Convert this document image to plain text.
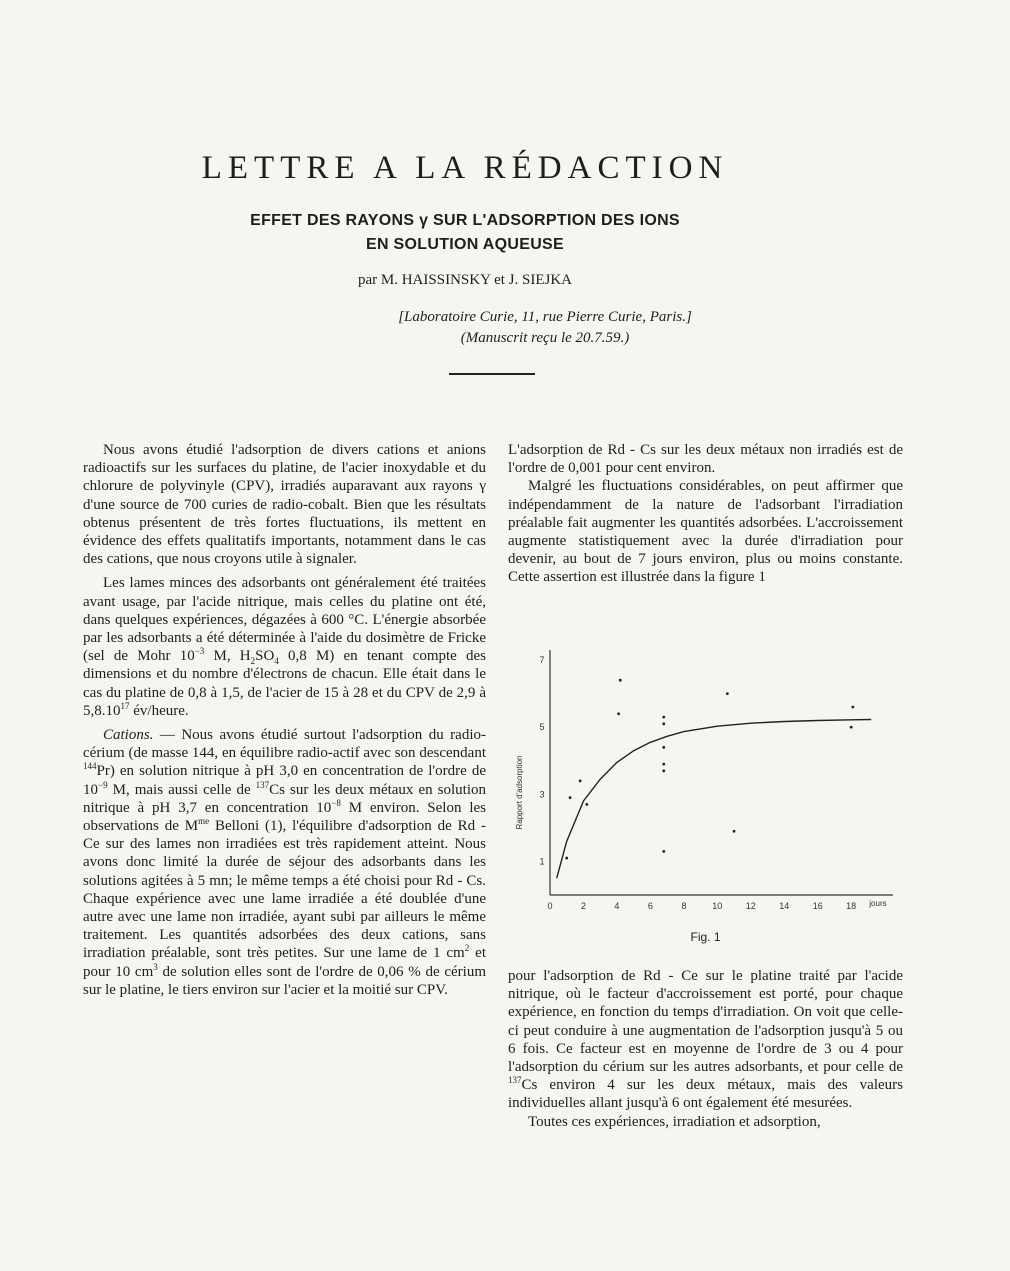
LETTRE A LA RÉDACTION
EFFET DES RAYONS γ SUR L'ADSORPTION DES IONS
EN SOLUTION AQUEUSE
par M. HAISSINSKY et J. SIEJKA
[Laboratoire Curie, 11, rue Pierre Curie, Paris.]
(Manuscrit reçu le 20.7.59.)

Nous avons étudié l'adsorption de divers cations et anions radioactifs sur les surfaces du platine, de l'acier inoxydable et du chlorure de polyvinyle (CPV), irradiés auparavant aux rayons γ d'une source de 700 curies de radio-cobalt. Bien que les résultats obtenus présentent de très fortes fluctuations, ils mettent en évidence des effets qualitatifs importants, notamment dans le cas des cations, que nous croyons utile à signaler.

Les lames minces des adsorbants ont généralement été traitées avant usage, par l'acide nitrique, mais celles du platine ont été, dans quelques expériences, dégazées à 600 °C. L'énergie absorbée par les adsorbants a été déterminée à l'aide du dosimètre de Fricke (sel de Mohr $10^{-3}$ M, $H_2SO_4$ 0,8 M) en tenant compte des dimensions et du nombre d'électrons de chacun. Elle était dans le cas du platine de 0,8 à 1,5, de l'acier de 15 à 28 et du CPV de 2,9 à 5,8.10$^{17}$ év/heure.

Cations. — Nous avons étudié surtout l'adsorption du radio-cérium (de masse 144, en équilibre radio-actif avec son descendant $^{144}$Pr) en solution nitrique à pH 3,0 en concentration de l'ordre de $10^{-9}$ M, mais aussi celle de $^{137}$Cs sur les deux métaux en solution nitrique à pH 3,7 en concentration $10^{-8}$ M environ. Selon les observations de $M^{me}$ Belloni (1), l'équilibre d'adsorption de Rd - Ce sur des lames non irradiées est très rapidement atteint. Nous avons donc limité la durée de séjour des adsorbants dans les solutions agitées à 5 mn; le même temps a été choisi pour Rd - Cs. Chaque expérience avec une lame irradiée a été doublée d'une autre avec une lame non irradiée, ayant subi par ailleurs le même traitement. Les quantités adsorbées des deux cations, sans irradiation préalable, sont très petites. Sur une lame de 1 $cm^2$ et pour 10 $cm^3$ de solution elles sont de l'ordre de 0,06 % de cérium sur le platine, le tiers environ sur l'acier et la moitié sur CPV.

L'adsorption de Rd - Cs sur les deux métaux non irradiés est de l'ordre de 0,001 pour cent environ.

Malgré les fluctuations considérables, on peut affirmer que indépendamment de la nature de l'adsorbant l'irradiation préalable fait augmenter les quantités adsorbées. L'accroissement augmente statistiquement avec la durée d'irradiation pour devenir, au bout de 7 jours environ, plus ou moins constante. Cette assertion est illustrée dans la figure 1

0	2	4	6	8	10	12	14	16	18 jours
1
3
5
7
Rapport d'adsorption
Fig. 1

pour l'adsorption de Rd - Ce sur le platine traité par l'acide nitrique, où le facteur d'accroissement est porté, pour chaque expérience, en fonction du temps d'irradiation. On voit que celle-ci peut conduire à une augmentation de l'adsorption jusqu'à 5 ou 6 fois. Ce facteur est en moyenne de l'ordre de 3 ou 4 pour l'adsorption du cérium sur les autres adsorbants, et pour celle de $^{137}$Cs environ 4 sur les deux métaux, mais des valeurs individuelles allant jusqu'à 6 ont également été mesurées.

Toutes ces expériences, irradiation et adsorption,
